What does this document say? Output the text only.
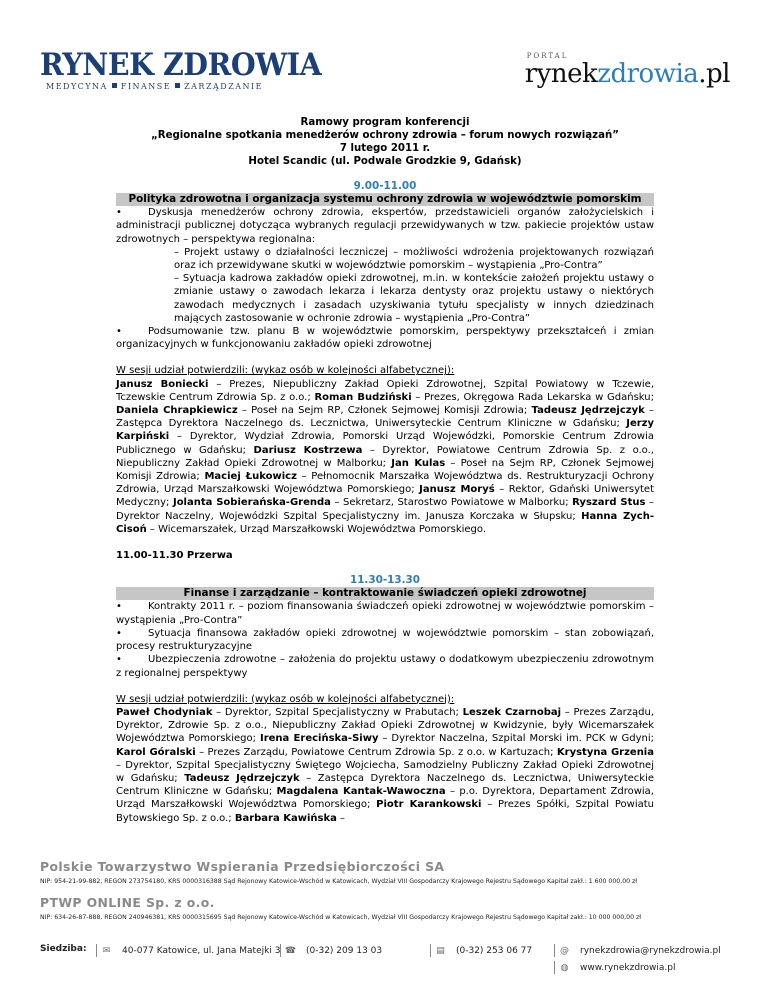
RYNEK ZDROWIA
MEDYCYNA FINANSE ZARZĄDZANIE
PORTAL
rynekzdrowia.pl
Ramowy program konferencji
„Regionalne spotkania menedżerów ochrony zdrowia – forum nowych rozwiązań”
7 lutego 2011 r.
Hotel Scandic (ul. Podwale Grodzkie 9, Gdańsk)
9.00-11.00
Polityka zdrowotna i organizacja systemu ochrony zdrowia w województwie pomorskim
•	Dyskusja menedżerów ochrony zdrowia, ekspertów, przedstawicieli organów założycielskich i administracji publicznej dotycząca wybranych regulacji przewidywanych w tzw. pakiecie projektów ustaw zdrowotnych – perspektywa regionalna:
– Projekt ustawy o działalności leczniczej – możliwości wdrożenia projektowanych rozwiązań oraz ich przewidywane skutki w województwie pomorskim – wystąpienia „Pro-Contra”
– Sytuacja kadrowa zakładów opieki zdrowotnej, m.in. w kontekście założeń projektu ustawy o zmianie ustawy o zawodach lekarza i lekarza dentysty oraz projektu ustawy o niektórych zawodach medycznych i zasadach uzyskiwania tytułu specjalisty w innych dziedzinach mających zastosowanie w ochronie zdrowia – wystąpienia „Pro-Contra”
•	Podsumowanie tzw. planu B w województwie pomorskim, perspektywy przekształceń i zmian organizacyjnych w funkcjonowaniu zakładów opieki zdrowotnej
W sesji udział potwierdzili: (wykaz osób w kolejności alfabetycznej):
Janusz Boniecki – Prezes, Niepubliczny Zakład Opieki Zdrowotnej, Szpital Powiatowy w Tczewie, Tczewskie Centrum Zdrowia Sp. z o.o.; Roman Budziński – Prezes, Okręgowa Rada Lekarska w Gdańsku; Daniela Chrapkiewicz – Poseł na Sejm RP, Członek Sejmowej Komisji Zdrowia; Tadeusz Jędrzejczyk – Zastępca Dyrektora Naczelnego ds. Lecznictwa, Uniwersyteckie Centrum Kliniczne w Gdańsku; Jerzy Karpiński – Dyrektor, Wydział Zdrowia, Pomorski Urząd Wojewódzki, Pomorskie Centrum Zdrowia Publicznego w Gdańsku; Dariusz Kostrzewa – Dyrektor, Powiatowe Centrum Zdrowia Sp. z o.o., Niepubliczny Zakład Opieki Zdrowotnej w Malborku; Jan Kulas – Poseł na Sejm RP, Członek Sejmowej Komisji Zdrowia; Maciej Łukowicz – Pełnomocnik Marszałka Województwa ds. Restrukturyzacji Ochrony Zdrowia, Urząd Marszałkowski Województwa Pomorskiego; Janusz Moryś – Rektor, Gdański Uniwersytet Medyczny; Jolanta Sobierańska-Grenda – Sekretarz, Starostwo Powiatowe w Malborku; Ryszard Stus –Dyrektor Naczelny, Wojewódzki Szpital Specjalistyczny im. Janusza Korczaka w Słupsku; Hanna Zych-Cisoń – Wicemarszałek, Urząd Marszałkowski Województwa Pomorskiego.
11.00-11.30 Przerwa
11.30-13.30
Finanse i zarządzanie – kontraktowanie świadczeń opieki zdrowotnej
•	Kontrakty 2011 r. – poziom finansowania świadczeń opieki zdrowotnej w województwie pomorskim – wystąpienia „Pro-Contra”
•	Sytuacja finansowa zakładów opieki zdrowotnej w województwie pomorskim – stan zobowiązań, procesy restrukturyzacyjne
•	Ubezpieczenia zdrowotne – założenia do projektu ustawy o dodatkowym ubezpieczeniu zdrowotnym z regionalnej perspektywy
W sesji udział potwierdzili: (wykaz osób w kolejności alfabetycznej):
Paweł Chodyniak – Dyrektor, Szpital Specjalistyczny w Prabutach; Leszek Czarnobaj – Prezes Zarządu, Dyrektor, Zdrowie Sp. z o.o., Niepubliczny Zakład Opieki Zdrowotnej w Kwidzynie, były Wicemarszałek Województwa Pomorskiego; Irena Erecińska-Siwy – Dyrektor Naczelna, Szpital Morski im. PCK w Gdyni; Karol Góralski – Prezes Zarządu, Powiatowe Centrum Zdrowia Sp. z o.o. w Kartuzach; Krystyna Grzenia – Dyrektor, Szpital Specjalistyczny Świętego Wojciecha, Samodzielny Publiczny Zakład Opieki Zdrowotnej w Gdańsku; Tadeusz Jędrzejczyk – Zastępca Dyrektora Naczelnego ds. Lecznictwa, Uniwersyteckie Centrum Kliniczne w Gdańsku; Magdalena Kantak-Wawoczna – p.o. Dyrektora, Departament Zdrowia, Urząd Marszałkowski Województwa Pomorskiego; Piotr Karankowski – Prezes Spółki, Szpital Powiatu Bytowskiego Sp. z o.o.; Barbara Kawińska –
Polskie Towarzystwo Wspierania Przedsiębiorczości SA
NIP: 954-21-99-882, REGON 273754180, KRS 0000316388 Sąd Rejonowy Katowice-Wschód w Katowicach, Wydział VIII Gospodarczy Krajowego Rejestru Sądowego Kapitał zakł.: 1 600 000,00 zł
PTWP ONLINE Sp. z o.o.
NIP: 634-26-87-888, REGON 240946381, KRS 0000315695 Sąd Rejonowy Katowice-Wschód w Katowicach, Wydział VIII Gospodarczy Krajowego Rejestru Sądowego Kapitał zakł.: 10 000 000,00 zł
Siedziba:	✉	40-077 Katowice, ul. Jana Matejki 3 ☎	(0-32) 209 13 03	▤	(0-32) 253 06 77	@	rynekzdrowia@rynekzdrowia.pl
◍	www.rynekzdrowia.pl
